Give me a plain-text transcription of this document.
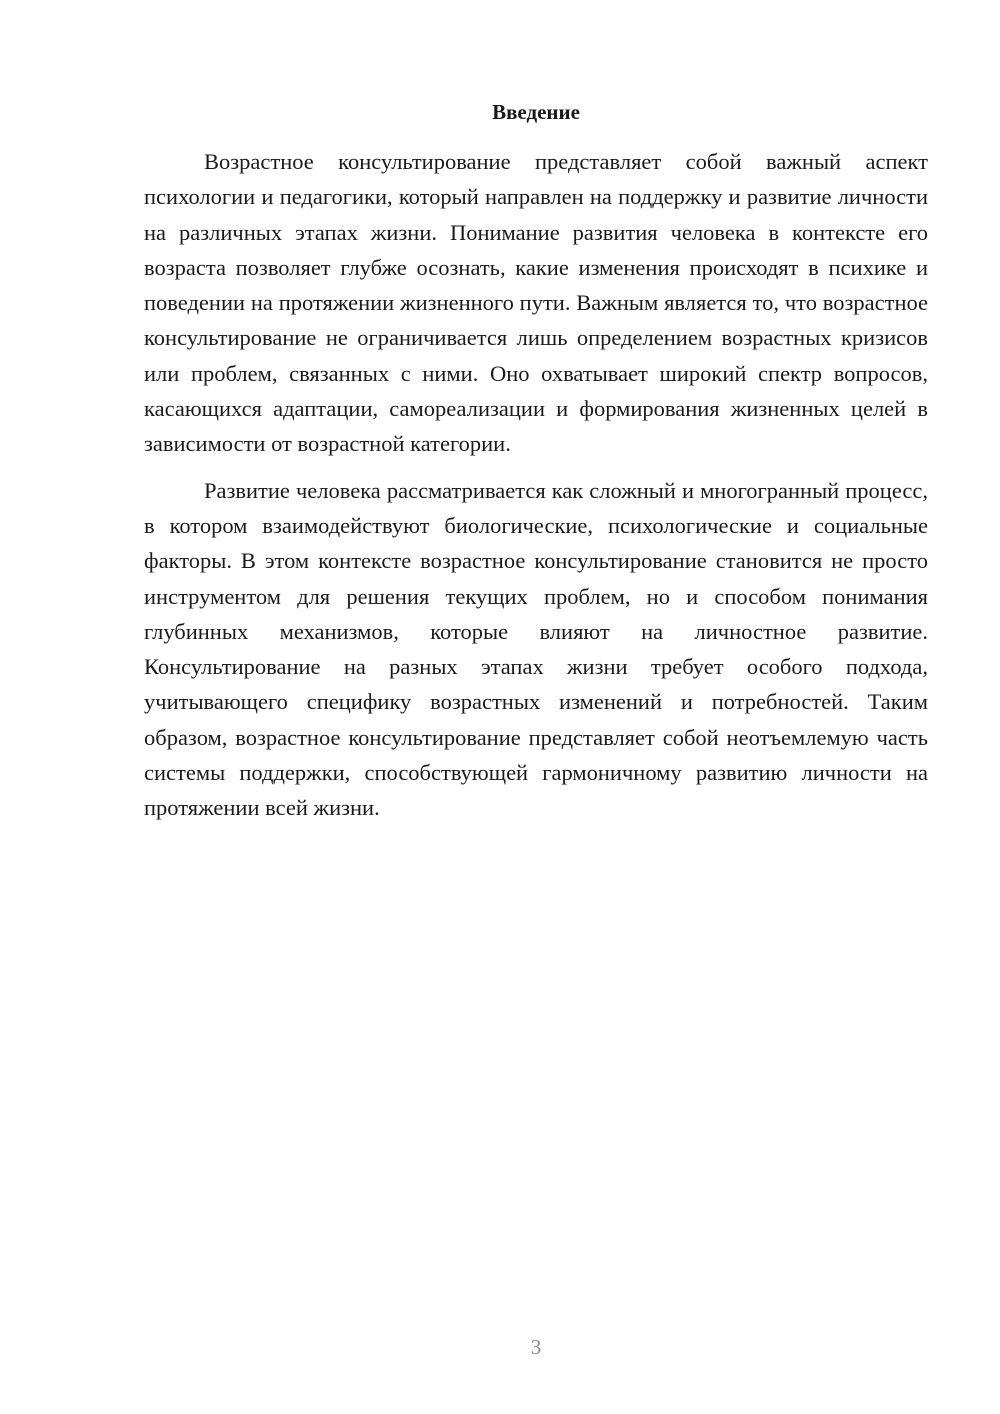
Введение

Возрастное консультирование представляет собой важный аспект психологии и педагогики, который направлен на поддержку и развитие личности на различных этапах жизни. Понимание развития человека в контексте его возраста позволяет глубже осознать, какие изменения происходят в психике и поведении на протяжении жизненного пути. Важным является то, что возрастное консультирование не ограничивается лишь определением возрастных кризисов или проблем, связанных с ними. Оно охватывает широкий спектр вопросов, касающихся адаптации, самореализации и формирования жизненных целей в зависимости от возрастной категории.

Развитие человека рассматривается как сложный и многогранный процесс, в котором взаимодействуют биологические, психологические и социальные факторы. В этом контексте возрастное консультирование становится не просто инструментом для решения текущих проблем, но и способом понимания глубинных механизмов, которые влияют на личностное развитие. Консультирование на разных этапах жизни требует особого подхода, учитывающего специфику возрастных изменений и потребностей. Таким образом, возрастное консультирование представляет собой неотъемлемую часть системы поддержки, способствующей гармоничному развитию личности на протяжении всей жизни.

3
